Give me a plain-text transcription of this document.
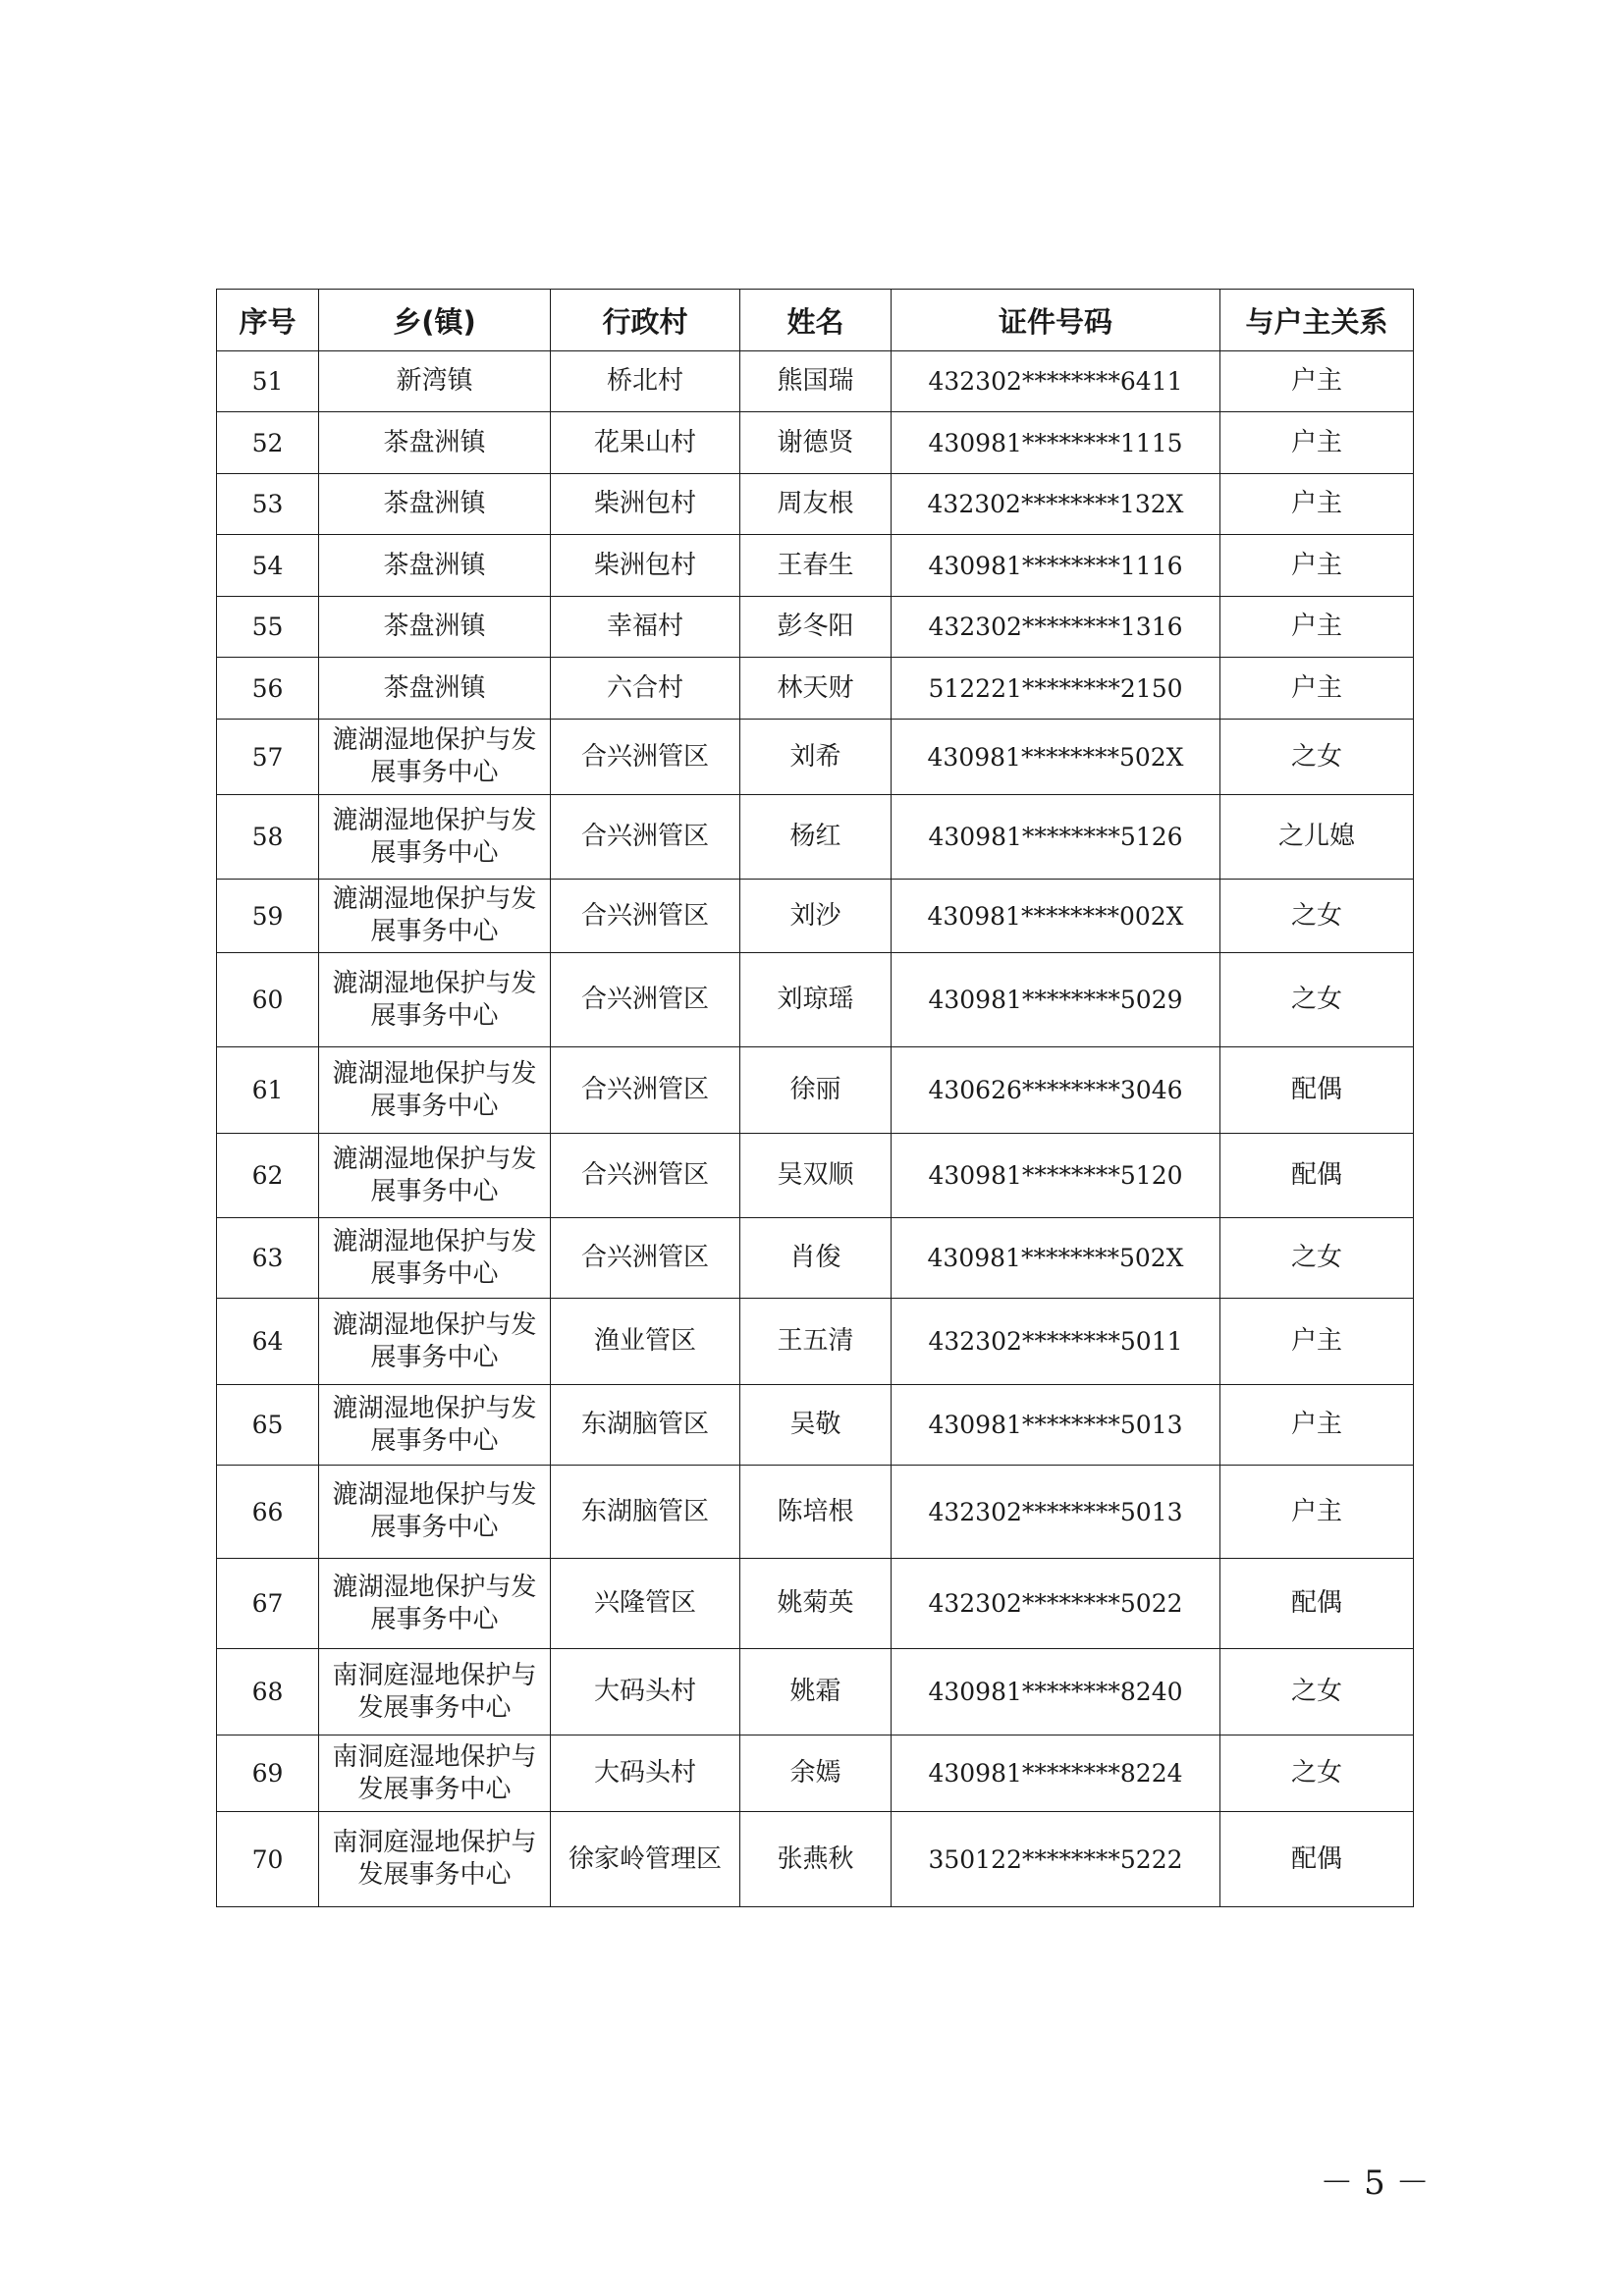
序号	乡(镇)	行政村	姓名	证件号码	与户主关系
51	新湾镇	桥北村	熊国瑞	432302********6411	户主
52	茶盘洲镇	花果山村	谢德贤	430981********1115	户主
53	茶盘洲镇	柴洲包村	周友根	432302********132X	户主
54	茶盘洲镇	柴洲包村	王春生	430981********1116	户主
55	茶盘洲镇	幸福村	彭冬阳	432302********1316	户主
56	茶盘洲镇	六合村	林天财	512221********2150	户主
57	漉湖湿地保护与发展事务中心	合兴洲管区	刘希	430981********502X	之女
58	漉湖湿地保护与发展事务中心	合兴洲管区	杨红	430981********5126	之儿媳
59	漉湖湿地保护与发展事务中心	合兴洲管区	刘沙	430981********002X	之女
60	漉湖湿地保护与发展事务中心	合兴洲管区	刘琼瑶	430981********5029	之女
61	漉湖湿地保护与发展事务中心	合兴洲管区	徐丽	430626********3046	配偶
62	漉湖湿地保护与发展事务中心	合兴洲管区	吴双顺	430981********5120	配偶
63	漉湖湿地保护与发展事务中心	合兴洲管区	肖俊	430981********502X	之女
64	漉湖湿地保护与发展事务中心	渔业管区	王五清	432302********5011	户主
65	漉湖湿地保护与发展事务中心	东湖脑管区	吴敬	430981********5013	户主
66	漉湖湿地保护与发展事务中心	东湖脑管区	陈培根	432302********5013	户主
67	漉湖湿地保护与发展事务中心	兴隆管区	姚菊英	432302********5022	配偶
68	南洞庭湿地保护与发展事务中心	大码头村	姚霜	430981********8240	之女
69	南洞庭湿地保护与发展事务中心	大码头村	余嫣	430981********8224	之女
70	南洞庭湿地保护与发展事务中心	徐家岭管理区	张燕秋	350122********5222	配偶
－ 5 －
